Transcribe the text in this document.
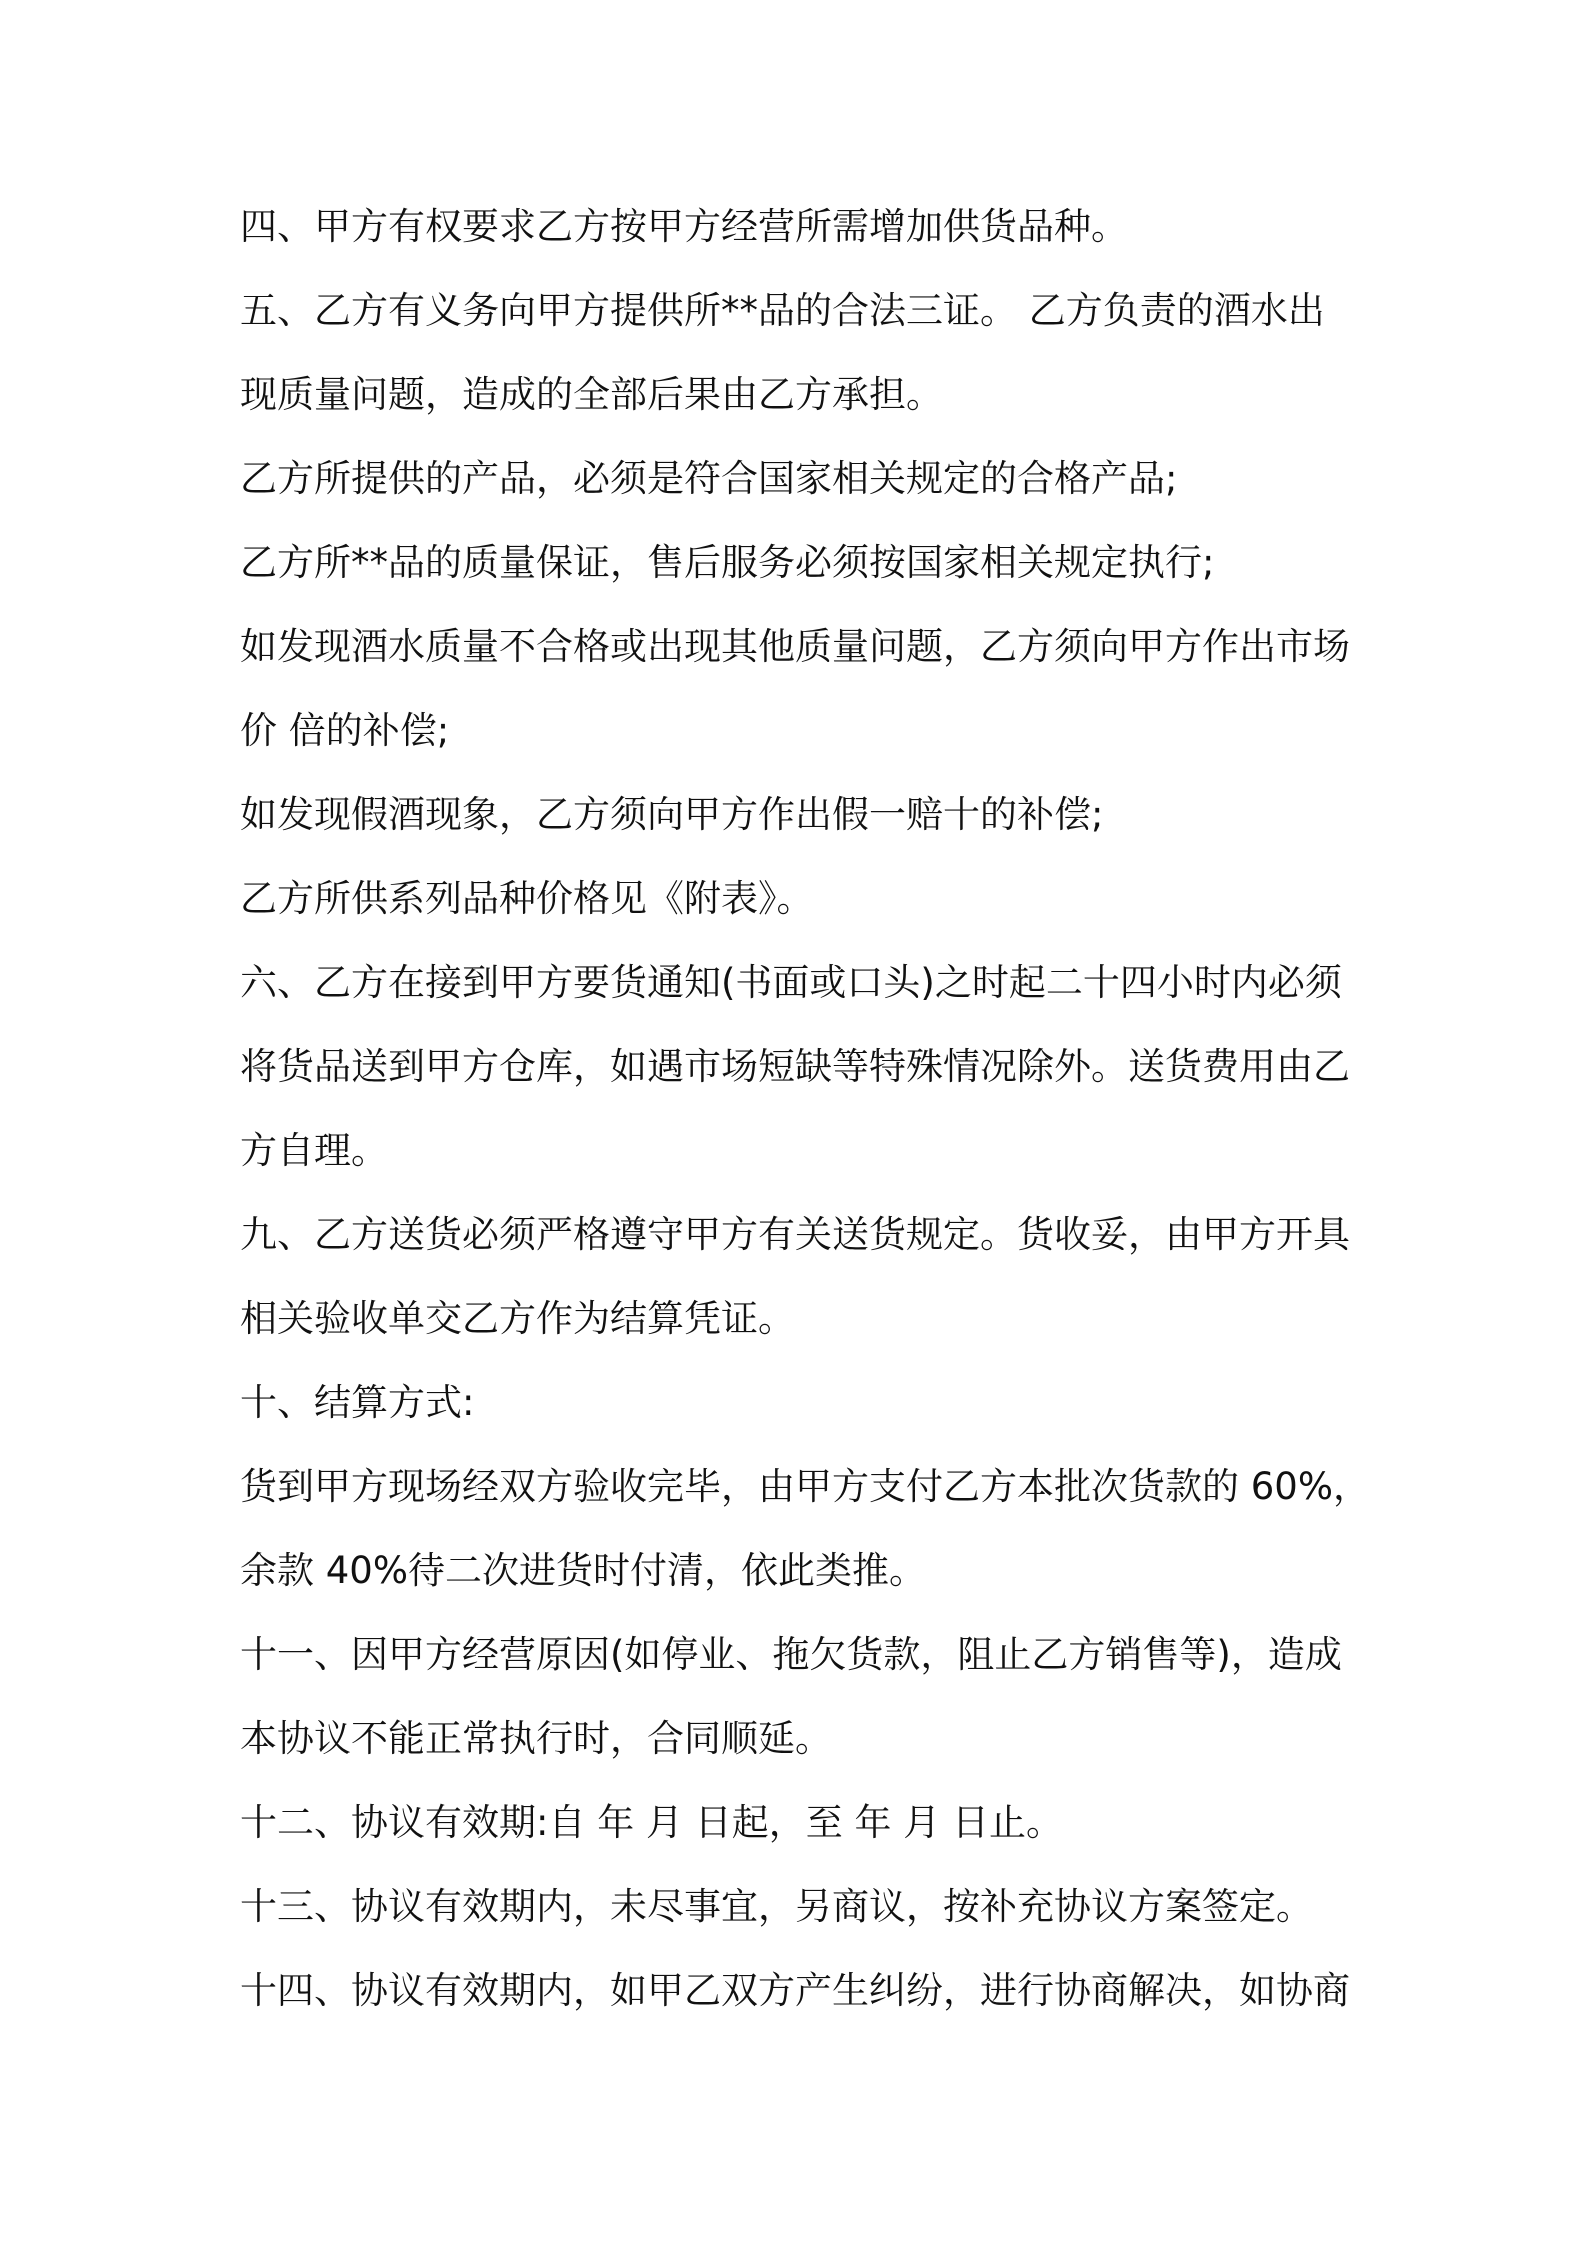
四、甲方有权要求乙方按甲方经营所需增加供货品种。
五、乙方有义务向甲方提供所**品的合法三证。 乙方负责的酒水出
现质量问题，造成的全部后果由乙方承担。
乙方所提供的产品，必须是符合国家相关规定的合格产品;
乙方所**品的质量保证，售后服务必须按国家相关规定执行;
如发现酒水质量不合格或出现其他质量问题，乙方须向甲方作出市场
价 倍的补偿;
如发现假酒现象，乙方须向甲方作出假一赔十的补偿;
乙方所供系列品种价格见《附表》。
六、乙方在接到甲方要货通知(书面或口头)之时起二十四小时内必须
将货品送到甲方仓库，如遇市场短缺等特殊情况除外。送货费用由乙
方自理。
九、乙方送货必须严格遵守甲方有关送货规定。货收妥，由甲方开具
相关验收单交乙方作为结算凭证。
十、结算方式:
货到甲方现场经双方验收完毕，由甲方支付乙方本批次货款的 60%，
余款 40%待二次进货时付清，依此类推。
十一、因甲方经营原因(如停业、拖欠货款，阻止乙方销售等)，造成
本协议不能正常执行时，合同顺延。
十二、协议有效期:自 年 月 日起，至 年 月 日止。
十三、协议有效期内，未尽事宜，另商议，按补充协议方案签定。
十四、协议有效期内，如甲乙双方产生纠纷，进行协商解决，如协商
